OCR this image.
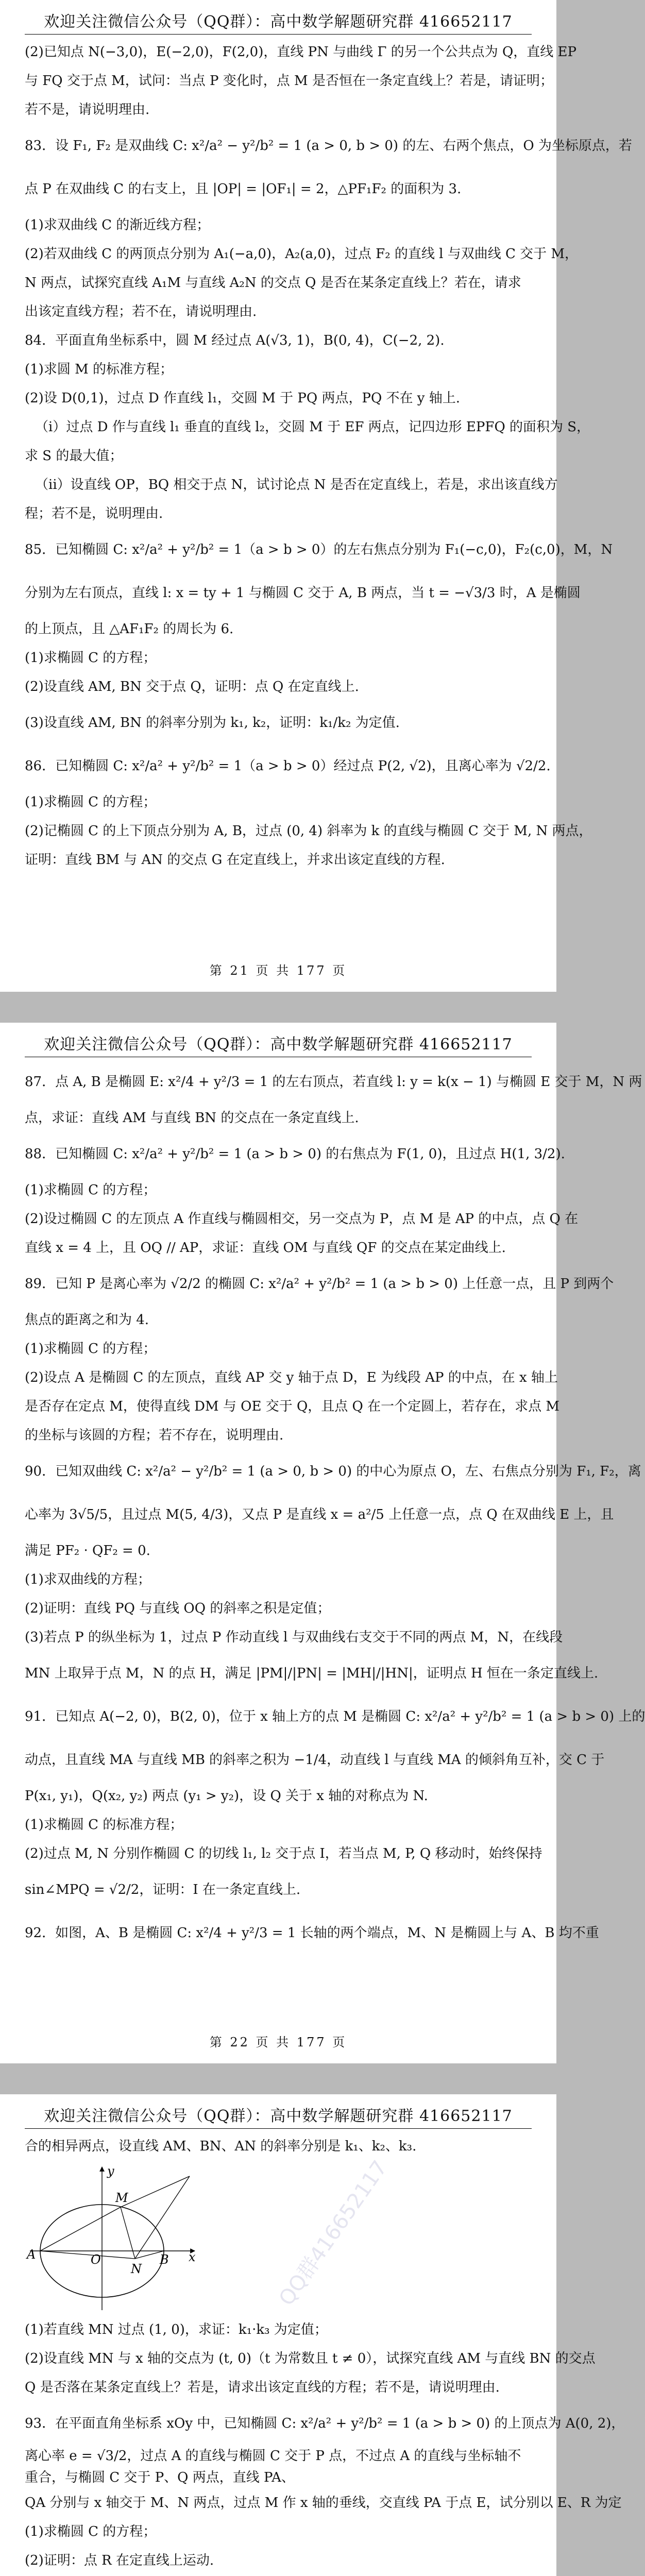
欢迎关注微信公众号（QQ群）：高中数学解题研究群 416652117
(2)已知点 N(−3,0)，E(−2,0)，F(2,0)，直线 PN 与曲线 Γ 的另一个公共点为 Q，直线 EP
与 FQ 交于点 M，试问：当点 P 变化时，点 M 是否恒在一条定直线上？若是，请证明；
若不是，请说明理由.
83．设 F₁, F₂ 是双曲线 C: x²/a² − y²/b² = 1 (a > 0, b > 0) 的左、右两个焦点，O 为坐标原点，若
点 P 在双曲线 C 的右支上，且 |OP| = |OF₁| = 2，△PF₁F₂ 的面积为 3.
(1)求双曲线 C 的渐近线方程；
(2)若双曲线 C 的两顶点分别为 A₁(−a,0)，A₂(a,0)，过点 F₂ 的直线 l 与双曲线 C 交于 M，
N 两点，试探究直线 A₁M 与直线 A₂N 的交点 Q 是否在某条定直线上？若在，请求出该定直线方程；若不在，请说明理由.
84．平面直角坐标系中，圆 M 经过点 A(√3, 1)，B(0, 4)，C(−2, 2).
(1)求圆 M 的标准方程；
(2)设 D(0,1)，过点 D 作直线 l₁，交圆 M 于 PQ 两点，PQ 不在 y 轴上.
（i）过点 D 作与直线 l₁ 垂直的直线 l₂，交圆 M 于 EF 两点，记四边形 EPFQ 的面积为 S，
求 S 的最大值；
（ii）设直线 OP，BQ 相交于点 N，试讨论点 N 是否在定直线上，若是，求出该直线方
程；若不是，说明理由.
85．已知椭圆 C: x²/a² + y²/b² = 1（a > b > 0）的左右焦点分别为 F₁(−c,0)，F₂(c,0)，M，N
分别为左右顶点，直线 l: x = ty + 1 与椭圆 C 交于 A, B 两点，当 t = −√3/3 时，A 是椭圆
的上顶点，且 △AF₁F₂ 的周长为 6.
(1)求椭圆 C 的方程；
(2)设直线 AM, BN 交于点 Q，证明：点 Q 在定直线上.
(3)设直线 AM, BN 的斜率分别为 k₁, k₂，证明：k₁/k₂ 为定值.
86．已知椭圆 C: x²/a² + y²/b² = 1（a > b > 0）经过点 P(2, √2)，且离心率为 √2/2.
(1)求椭圆 C 的方程；
(2)记椭圆 C 的上下顶点分别为 A, B，过点 (0, 4) 斜率为 k 的直线与椭圆 C 交于 M, N 两点，
证明：直线 BM 与 AN 的交点 G 在定直线上，并求出该定直线的方程.
第 21 页 共 177 页
欢迎关注微信公众号（QQ群）：高中数学解题研究群 416652117
87．点 A, B 是椭圆 E: x²/4 + y²/3 = 1 的左右顶点，若直线 l: y = k(x − 1) 与椭圆 E 交于 M，N 两
点，求证：直线 AM 与直线 BN 的交点在一条定直线上.
88．已知椭圆 C: x²/a² + y²/b² = 1 (a > b > 0) 的右焦点为 F(1, 0)，且过点 H(1, 3/2).
(1)求椭圆 C 的方程；
(2)设过椭圆 C 的左顶点 A 作直线与椭圆相交，另一交点为 P，点 M 是 AP 的中点，点 Q 在
直线 x = 4 上，且 OQ // AP，求证：直线 OM 与直线 QF 的交点在某定曲线上.
89．已知 P 是离心率为 √2/2 的椭圆 C: x²/a² + y²/b² = 1 (a > b > 0) 上任意一点，且 P 到两个
焦点的距离之和为 4.
(1)求椭圆 C 的方程；
(2)设点 A 是椭圆 C 的左顶点，直线 AP 交 y 轴于点 D，E 为线段 AP 的中点，在 x 轴上
是否存在定点 M，使得直线 DM 与 OE 交于 Q，且点 Q 在一个定圆上，若存在，求点 M
的坐标与该圆的方程；若不存在，说明理由.
90．已知双曲线 C: x²/a² − y²/b² = 1 (a > 0, b > 0) 的中心为原点 O，左、右焦点分别为 F₁, F₂，离
心率为 3√5/5，且过点 M(5, 4/3)，又点 P 是直线 x = a²/5 上任意一点，点 Q 在双曲线 E 上，且
满足 PF₂ · QF₂ = 0.
(1)求双曲线的方程；
(2)证明：直线 PQ 与直线 OQ 的斜率之积是定值；
(3)若点 P 的纵坐标为 1，过点 P 作动直线 l 与双曲线右支交于不同的两点 M，N，在线段
MN 上取异于点 M，N 的点 H，满足 |PM|/|PN| = |MH|/|HN|，证明点 H 恒在一条定直线上.
91．已知点 A(−2, 0)，B(2, 0)，位于 x 轴上方的点 M 是椭圆 C: x²/a² + y²/b² = 1 (a > b > 0) 上的
动点，且直线 MA 与直线 MB 的斜率之积为 −1/4，动直线 l 与直线 MA 的倾斜角互补，交 C 于
P(x₁, y₁)，Q(x₂, y₂) 两点 (y₁ > y₂)，设 Q 关于 x 轴的对称点为 N.
(1)求椭圆 C 的标准方程；
(2)过点 M, N 分别作椭圆 C 的切线 l₁, l₂ 交于点 I，若当点 M, P, Q 移动时，始终保持
sin∠MPQ = √2/2，证明：I 在一条定直线上.
92．如图，A、B 是椭圆 C: x²/4 + y²/3 = 1 长轴的两个端点，M、N 是椭圆上与 A、B 均不重
第 22 页 共 177 页
欢迎关注微信公众号（QQ群）：高中数学解题研究群 416652117
合的相异两点，设直线 AM、BN、AN 的斜率分别是 k₁、k₂、k₃.
y
M
A	O
N
B x	QQ群416652117
(1)若直线 MN 过点 (1, 0)，求证：k₁·k₃ 为定值；
(2)设直线 MN 与 x 轴的交点为 (t, 0)（t 为常数且 t ≠ 0），试探究直线 AM 与直线 BN 的交点
Q 是否落在某条定直线上？若是，请求出该定直线的方程；若不是，请说明理由.
93．在平面直角坐标系 xOy 中，已知椭圆 C: x²/a² + y²/b² = 1 (a > b > 0) 的上顶点为 A(0, 2)，
离心率 e = √3/2，过点 A 的直线与椭圆 C 交于 P 点，不过点 A 的直线与坐标轴不重合，与椭圆 C 交于 P、Q 两点，直线 PA、
QA 分别与 x 轴交于 M、N 两点，过点 M 作 x 轴的垂线，交直线 PA 于点 E，试分别以 E、R 为定
(1)求椭圆 C 的方程；
(2)证明：点 R 在定直线上运动.
